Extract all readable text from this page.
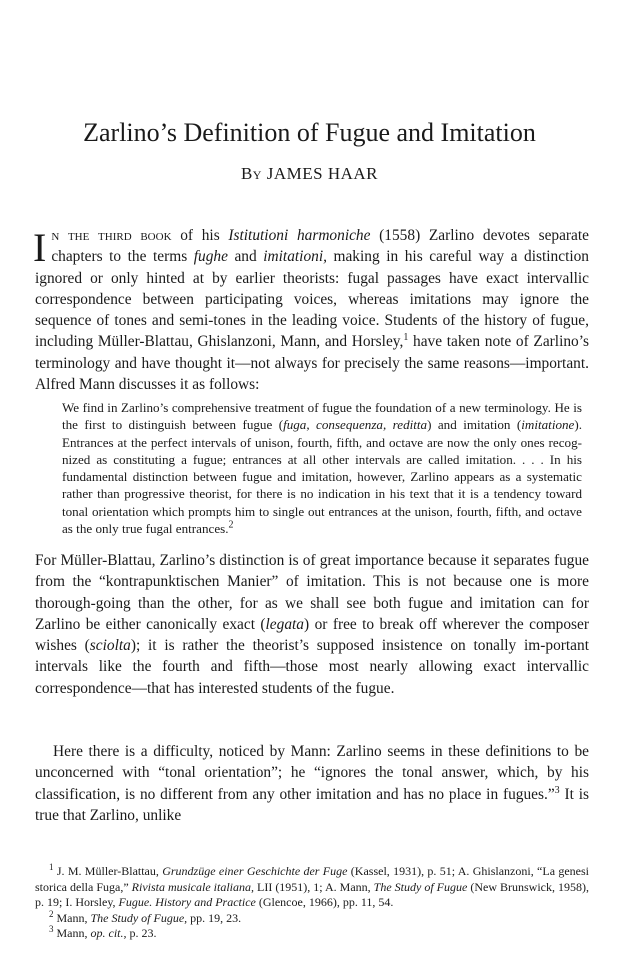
Zarlino’s Definition of Fugue and Imitation
By JAMES HAAR

In the third book of his Istitutioni harmoniche (1558) Zarlino devotes separate chapters to the terms fughe and imitationi, making in his careful way a distinction ignored or only hinted at by earlier theorists: fugal passages have exact intervallic correspondence between participating voices, whereas imitations may ignore the sequence of tones and semi-tones in the leading voice. Students of the history of fugue, including Müller-Blattau, Ghislanzoni, Mann, and Horsley,$^1$ have taken note of Zarlino’s terminology and have thought it—not always for precisely the same reasons—important. Alfred Mann discusses it as follows:

We find in Zarlino’s comprehensive treatment of fugue the foundation of a new terminology. He is the first to distinguish between fugue (fuga, consequenza, reditta) and imitation (imitatione). Entrances at the perfect intervals of unison, fourth, fifth, and octave are now the only ones recog-nized as constituting a fugue; entrances at all other intervals are called imitation. . . . In his fundamental distinction between fugue and imitation, however, Zarlino appears as a systematic rather than progressive theorist, for there is no indication in his text that it is a tendency toward tonal orientation which prompts him to single out entrances at the unison, fourth, fifth, and octave as the only true fugal entrances.$^2$

For Müller-Blattau, Zarlino’s distinction is of great importance because it separates fugue from the “kontrapunktischen Manier” of imitation. This is not because one is more thorough-going than the other, for as we shall see both fugue and imitation can for Zarlino be either canonically exact (legata) or free to break off wherever the composer wishes (sciolta); it is rather the theorist’s supposed insistence on tonally im-portant intervals like the fourth and fifth—those most nearly allowing exact intervallic correspondence—that has interested students of the fugue.

Here there is a difficulty, noticed by Mann: Zarlino seems in these definitions to be unconcerned with “tonal orientation”; he “ignores the tonal answer, which, by his classification, is no different from any other imitation and has no place in fugues.”$^3$ It is true that Zarlino, unlike

$^1$ J. M. Müller-Blattau, Grundzüge einer Geschichte der Fuge (Kassel, 1931), p. 51; A. Ghislanzoni, “La genesi storica della Fuga,” Rivista musicale italiana, LII (1951), 1; A. Mann, The Study of Fugue (New Brunswick, 1958), p. 19; I. Horsley, Fugue. History and Practice (Glencoe, 1966), pp. 11, 54.
$^2$ Mann, The Study of Fugue, pp. 19, 23.
$^3$ Mann, op. cit., p. 23.
